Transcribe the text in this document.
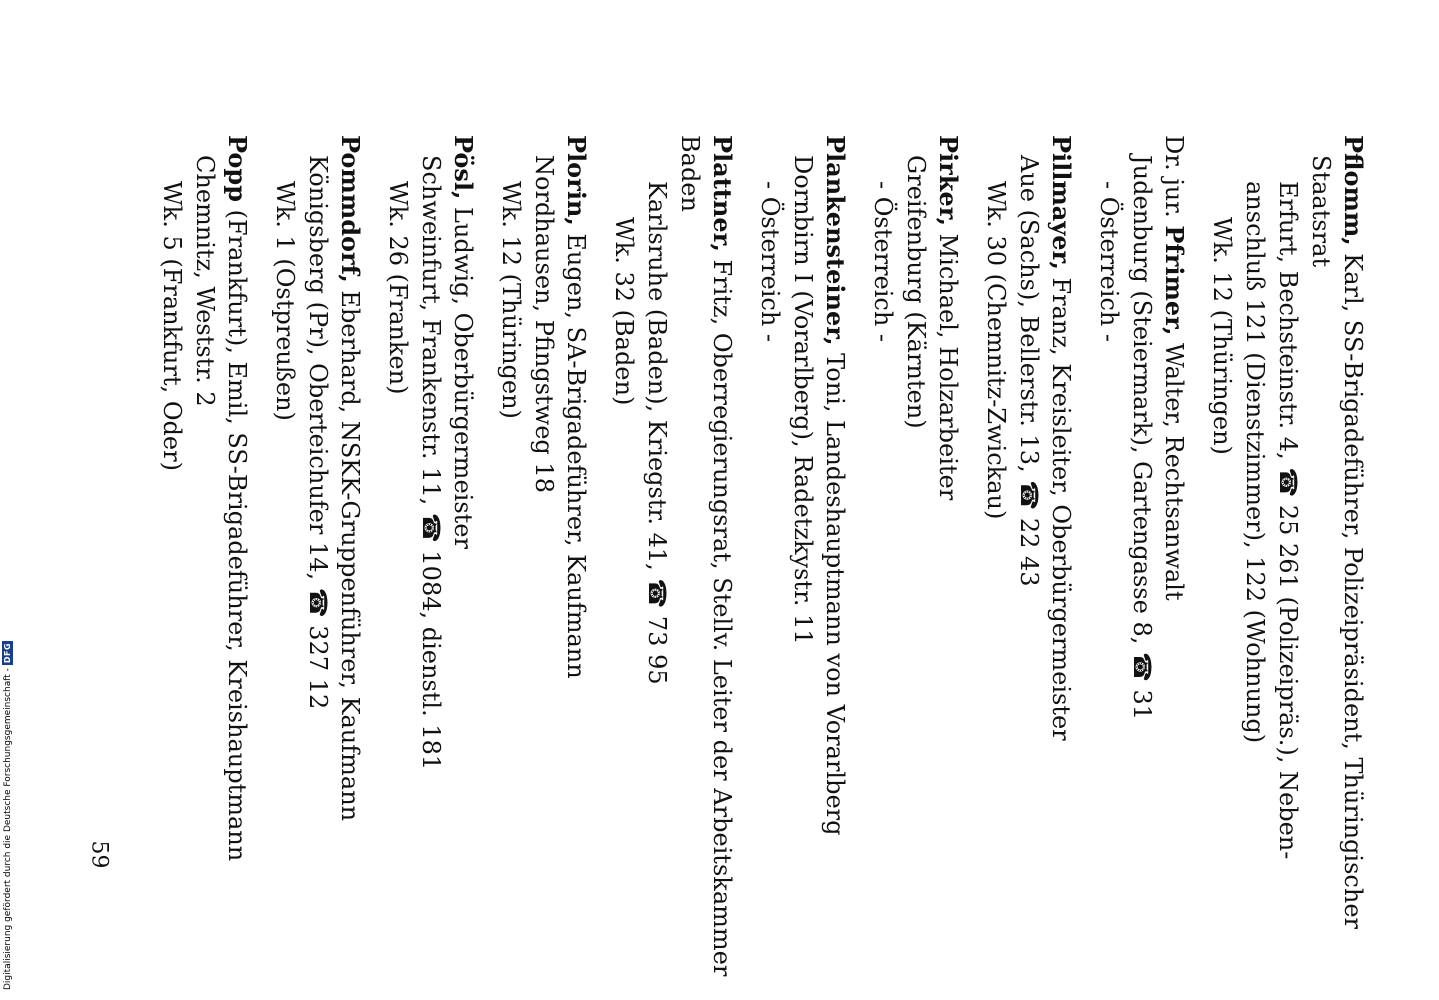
Pflomm, Karl, SS-Brigadeführer, Polizeipräsident, Thüringischer
Staatsrat
Erfurt, Bechsteinstr. 4, ☎ 25 261 (Polizeipräs.), Neben-
anschluß 121 (Dienstzimmer), 122 (Wohnung)
Wk. 12 (Thüringen)
Dr. jur. Pfrimer, Walter, Rechtsanwalt
Judenburg (Steiermark), Gartengasse 8, ☎ 31
- Österreich -
Pillmayer, Franz, Kreisleiter, Oberbürgermeister
Aue (Sachs), Bellerstr. 13, ☎ 22 43
Wk. 30 (Chemnitz-Zwickau)
Pirker, Michael, Holzarbeiter
Greifenburg (Kärnten)
- Österreich -
Plankensteiner, Toni, Landeshauptmann von Vorarlberg
Dornbirn I (Vorarlberg), Radetzkystr. 11
- Österreich -
Plattner, Fritz, Oberregierungsrat, Stellv. Leiter der Arbeitskammer
Baden
Karlsruhe (Baden), Kriegstr. 41, ☎ 73 95
Wk. 32 (Baden)
Plorin, Eugen, SA-Brigadeführer, Kaufmann
Nordhausen, Pfingstweg 18
Wk. 12 (Thüringen)
Pösl, Ludwig, Oberbürgermeister
Schweinfurt, Frankenstr. 11, ☎ 1084, dienstl. 181
Wk. 26 (Franken)
Pommdorf, Eberhard, NSKK-Gruppenführer, Kaufmann
Königsberg (Pr), Oberteichufer 14, ☎ 327 12
Wk. 1 (Ostpreußen)
Popp (Frankfurt), Emil, SS-Brigadeführer, Kreishauptmann
Chemnitz, Weststr. 2
Wk. 5 (Frankfurt, Oder)
59
Digitalisierung gefördert durch die Deutsche Forschungsgemeinschaft -
DFG
